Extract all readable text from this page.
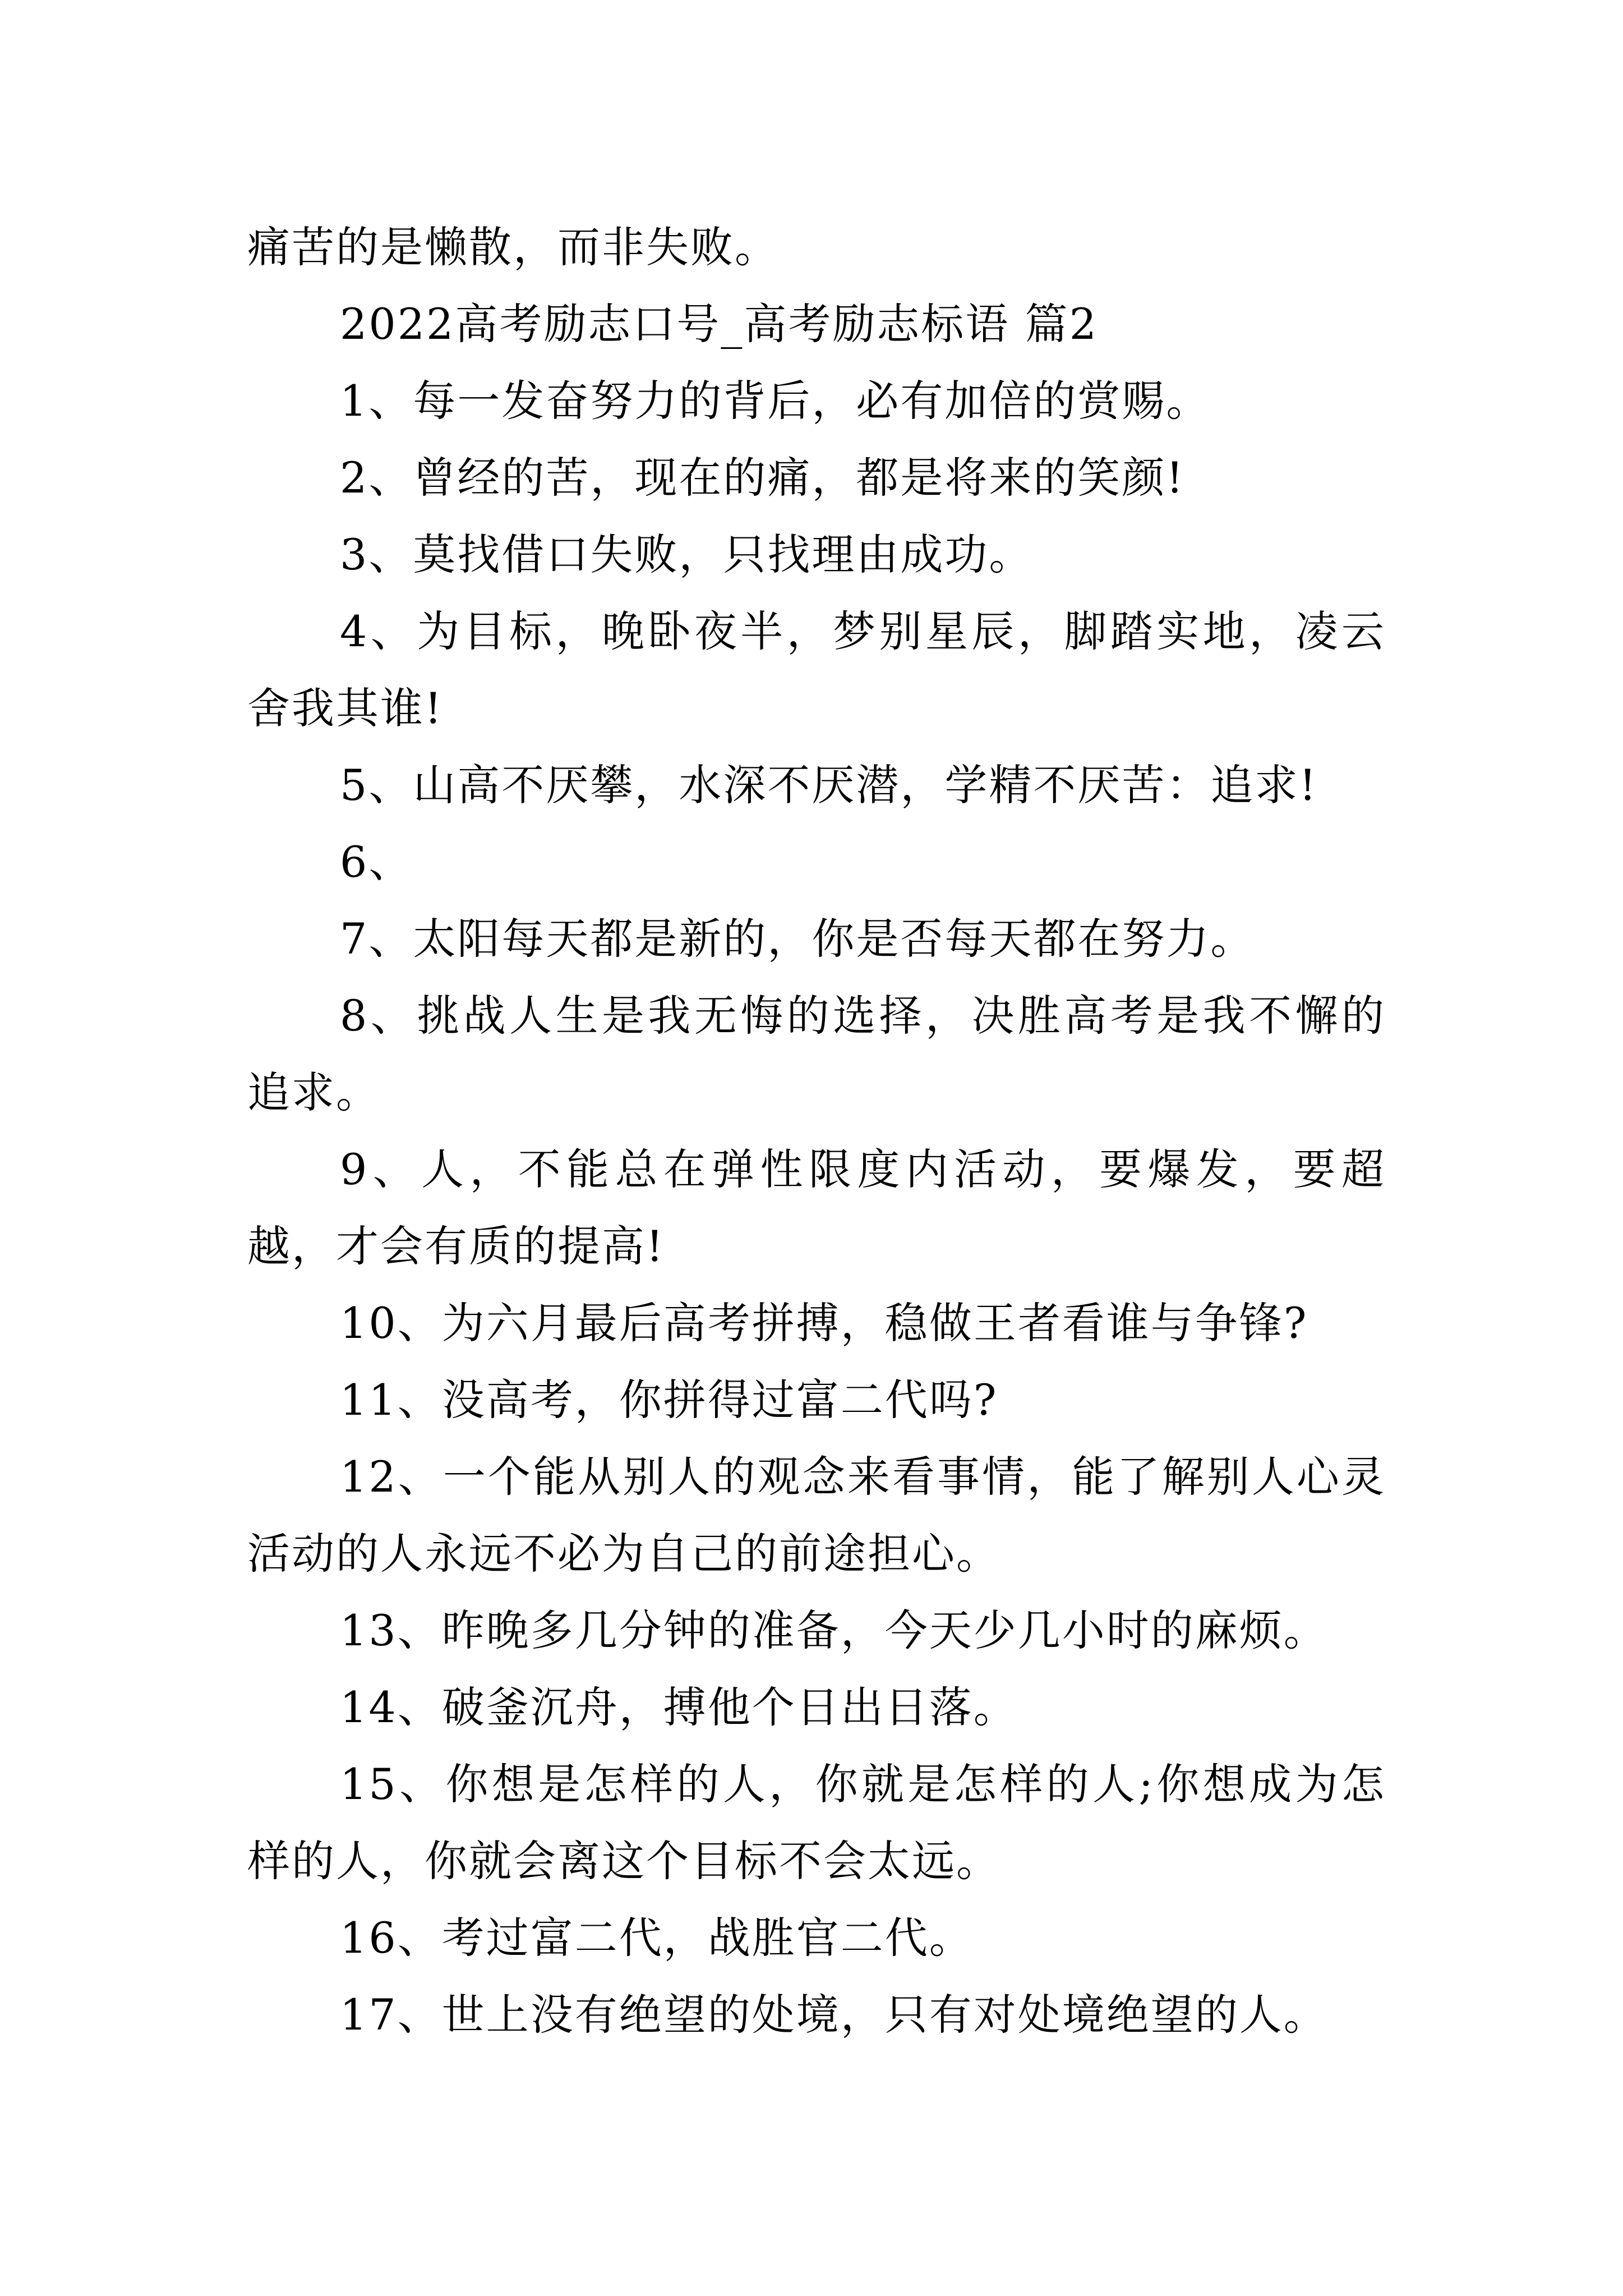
痛苦的是懒散，而非失败。

2022高考励志口号_高考励志标语 篇2

1、每一发奋努力的背后，必有加倍的赏赐。

2、曾经的苦，现在的痛，都是将来的笑颜!

3、莫找借口失败，只找理由成功。

4、为目标，晚卧夜半，梦别星辰，脚踏实地，凌云舍我其谁!

5、山高不厌攀，水深不厌潜，学精不厌苦：追求!

6、

7、太阳每天都是新的，你是否每天都在努力。

8、挑战人生是我无悔的选择，决胜高考是我不懈的追求。

9、人，不能总在弹性限度内活动，要爆发，要超越，才会有质的提高!

10、为六月最后高考拼搏，稳做王者看谁与争锋?

11、没高考，你拼得过富二代吗?

12、一个能从别人的观念来看事情，能了解别人心灵活动的人永远不必为自己的前途担心。

13、昨晚多几分钟的准备，今天少几小时的麻烦。

14、破釜沉舟，搏他个日出日落。

15、你想是怎样的人，你就是怎样的人;你想成为怎样的人，你就会离这个目标不会太远。

16、考过富二代，战胜官二代。

17、世上没有绝望的处境，只有对处境绝望的人。
